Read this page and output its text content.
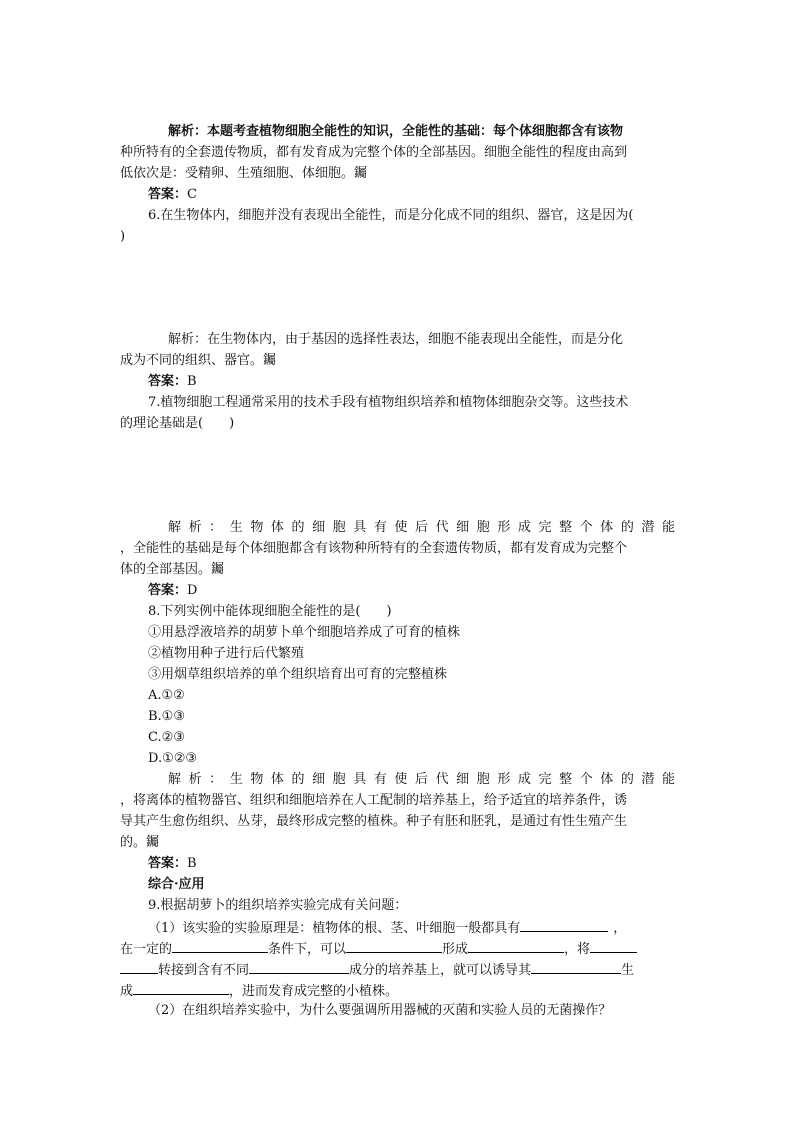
解析：本题考查植物细胞全能性的知识，全能性的基础：每个体细胞都含有该物
种所特有的全套遗传物质，都有发育成为完整个体的全部基因。细胞全能性的程度由高到
低依次是：受精卵、生殖细胞、体细胞。钃
答案：C
6.在生物体内，细胞并没有表现出全能性，而是分化成不同的组织、器官，这是因为(
)
解析：在生物体内，由于基因的选择性表达，细胞不能表现出全能性，而是分化
成为不同的组织、器官。钃
答案：B
7.植物细胞工程通常采用的技术手段有植物组织培养和植物体细胞杂交等。这些技术
的理论基础是(　　)
解析：生物体的细胞具有使后代细胞形成完整个体的潜能
，全能性的基础是每个体细胞都含有该物种所特有的全套遗传物质，都有发育成为完整个
体的全部基因。钃
答案：D
8.下列实例中能体现细胞全能性的是(　　)
①用悬浮液培养的胡萝卜单个细胞培养成了可育的植株
②植物用种子进行后代繁殖
③用烟草组织培养的单个组织培育出可育的完整植株
A.①②
B.①③
C.②③
D.①②③
解析：生物体的细胞具有使后代细胞形成完整个体的潜能
，将离体的植物器官、组织和细胞培养在人工配制的培养基上，给予适宜的培养条件，诱
导其产生愈伤组织、丛芽，最终形成完整的植株。种子有胚和胚乳，是通过有性生殖产生
的。钃
答案：B
综合·应用
9.根据胡萝卜的组织培养实验完成有关问题：
（1）该实验的实验原理是：植物体的根、茎、叶细胞一般都具有	，
在一定的	条件下，可以	形成	，将
转接到含有不同	成分的培养基上，就可以诱导其	生
成	，进而发育成完整的小植株。
（2）在组织培养实验中，为什么要强调所用器械的灭菌和实验人员的无菌操作？
